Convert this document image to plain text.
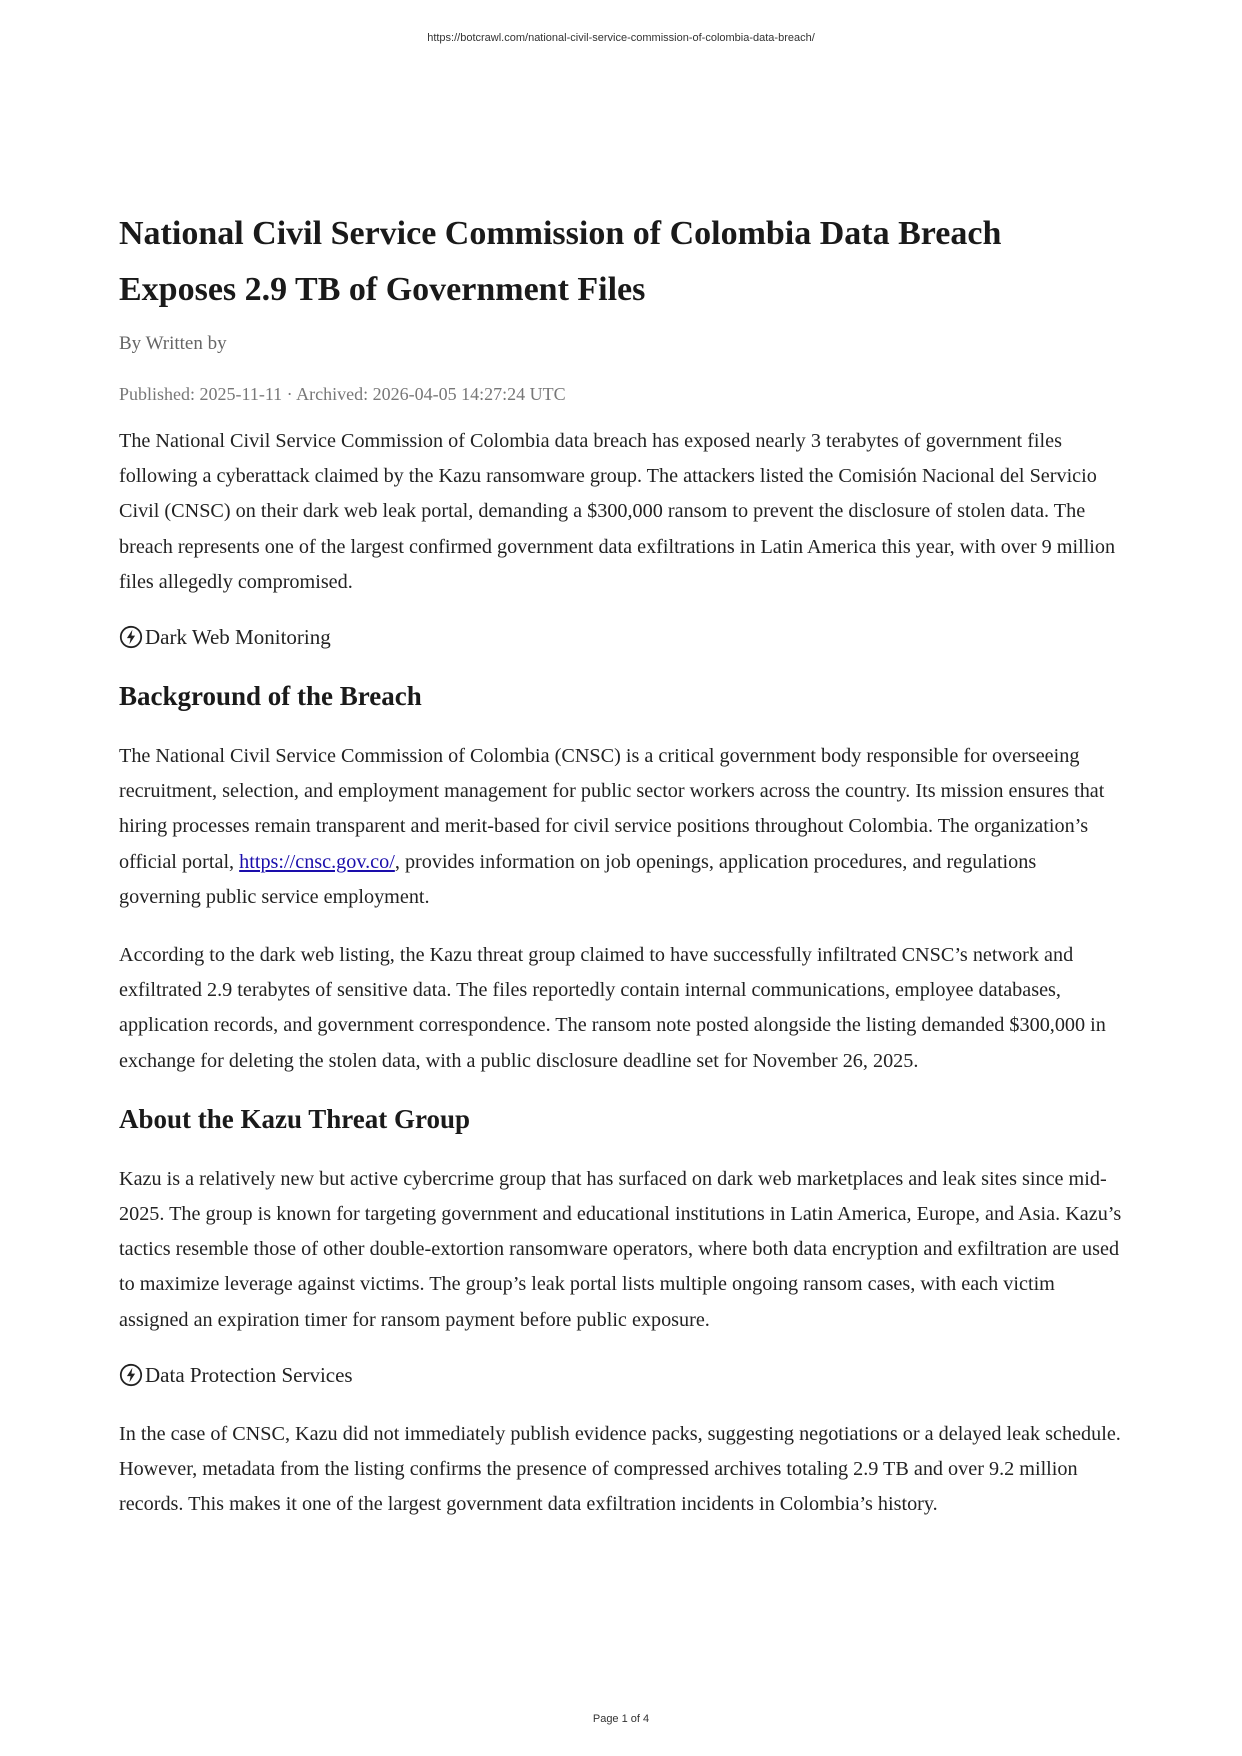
https://botcrawl.com/national-civil-service-commission-of-colombia-data-breach/
National Civil Service Commission of Colombia Data Breach Exposes 2.9 TB of Government Files
By Written by
Published: 2025-11-11 · Archived: 2026-04-05 14:27:24 UTC

The National Civil Service Commission of Colombia data breach has exposed nearly 3 terabytes of government files following a cyberattack claimed by the Kazu ransomware group. The attackers listed the Comisión Nacional del Servicio Civil (CNSC) on their dark web leak portal, demanding a $300,000 ransom to prevent the disclosure of stolen data. The breach represents one of the largest confirmed government data exfiltrations in Latin America this year, with over 9 million files allegedly compromised.

Dark Web Monitoring
Background of the Breach

The National Civil Service Commission of Colombia (CNSC) is a critical government body responsible for overseeing recruitment, selection, and employment management for public sector workers across the country. Its mission ensures that hiring processes remain transparent and merit-based for civil service positions throughout Colombia. The organization’s official portal, https://cnsc.gov.co/, provides information on job openings, application procedures, and regulations governing public service employment.

According to the dark web listing, the Kazu threat group claimed to have successfully infiltrated CNSC’s network and exfiltrated 2.9 terabytes of sensitive data. The files reportedly contain internal communications, employee databases, application records, and government correspondence. The ransom note posted alongside the listing demanded $300,000 in exchange for deleting the stolen data, with a public disclosure deadline set for November 26, 2025.

About the Kazu Threat Group

Kazu is a relatively new but active cybercrime group that has surfaced on dark web marketplaces and leak sites since mid-2025. The group is known for targeting government and educational institutions in Latin America, Europe, and Asia. Kazu’s tactics resemble those of other double-extortion ransomware operators, where both data encryption and exfiltration are used to maximize leverage against victims. The group’s leak portal lists multiple ongoing ransom cases, with each victim assigned an expiration timer for ransom payment before public exposure.

Data Protection Services

In the case of CNSC, Kazu did not immediately publish evidence packs, suggesting negotiations or a delayed leak schedule. However, metadata from the listing confirms the presence of compressed archives totaling 2.9 TB and over 9.2 million records. This makes it one of the largest government data exfiltration incidents in Colombia’s history.

Page 1 of 4
